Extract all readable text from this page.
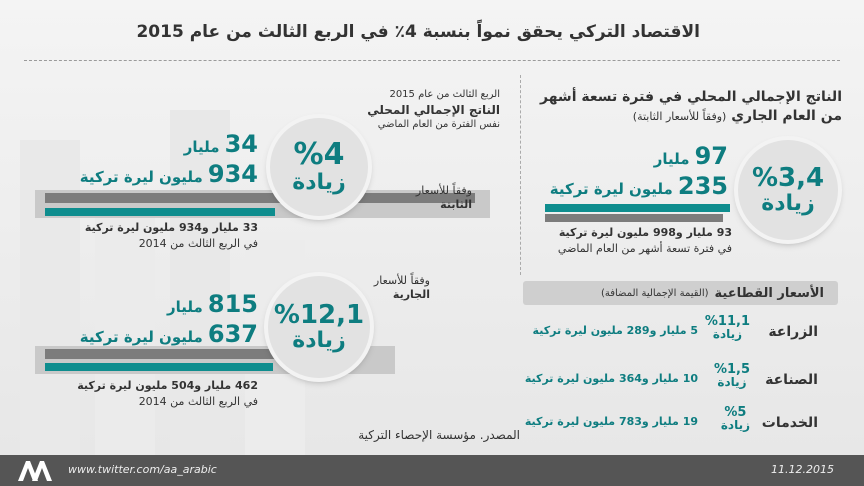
الاقتصاد التركي يحقق نمواً بنسبة 4٪ في الربع الثالث من عام 2015
الناتج الإجمالي المحلي في فترة تسعة أشهر
من العام الجاري (وفقاً للأسعار الثابتة)
%3,4
زيادة
97 مليار
235 مليون ليرة تركية
93 مليار و998 مليون ليرة تركية
في فترة تسعة أشهر من العام الماضي
الربع الثالث من عام 2015
الناتج الإجمالي المحلي
نفس الفترة من العام الماضي
%4
زيادة
34 مليار
934 مليون ليرة تركية
وفقاً للأسعار
الثابتة
33 مليار و934 مليون ليرة تركية
في الربع الثالث من 2014
وفقاً للأسعار
الجارية
%12,1
زيادة
815 مليار
637 مليون ليرة تركية
462 مليار و504 مليون ليرة تركية
في الربع الثالث من 2014
الأسعار القطاعية
(القيمة الإجمالية المضافة)
الزراعة
%11,1
زيادة
5 مليار و289 مليون ليرة تركية
الصناعة
%1,5
زيادة
10 مليار و364 مليون ليرة تركية
الخدمات
%5
زيادة
19 مليار و783 مليون ليرة تركية
المصدر. مؤسسة الإحصاء التركية
www.twitter.com/aa_arabic	11.12.2015
